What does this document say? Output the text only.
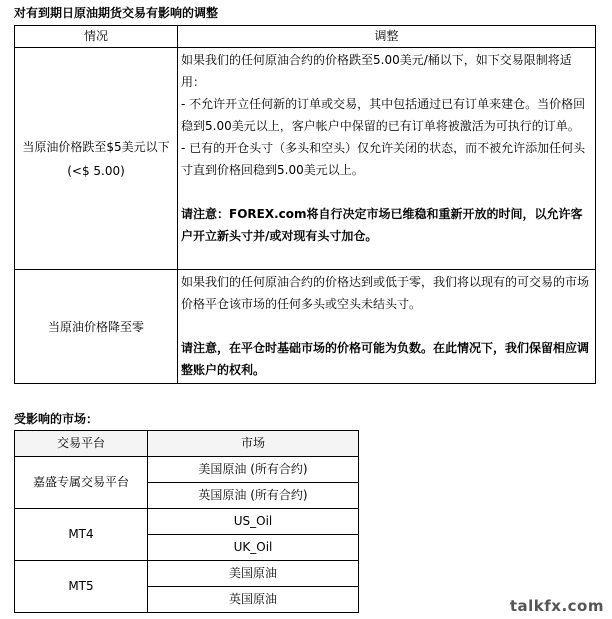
对有到期日原油期货交易有影响的调整
情况	调整
当原油价格跌至$5美元以下(<$ 5.00)	如果我们的任何原油合约的价格跌至5.00美元/桶以下，如下交易限制将适用：

- 不允许开立任何新的订单或交易，其中包括通过已有订单来建仓。当价格回稳到5.00美元以上，客户帐户中保留的已有订单将被激活为可执行的订单。

- 已有的开仓头寸（多头和空头）仅允许关闭的状态，而不被允许添加任何头寸直到价格回稳到5.00美元以上。

请注意：FOREX.com将自行决定市场已维稳和重新开放的时间，以允许客户开立新头寸并/或对现有头寸加仓。

当原油价格降至零	如果我们的任何原油合约的价格达到或低于零，我们将以现有的可交易的市场价格平仓该市场的任何多头或空头未结头寸。

请注意，在平仓时基础市场的价格可能为负数。在此情况下，我们保留相应调整账户的权利。

受影响的市场：
交易平台	市场
嘉盛专属交易平台	美国原油 (所有合约)
	英国原油 (所有合约)
MT4	US_Oil
	UK_Oil
MT5	美国原油
	英国原油	talkfx.com
